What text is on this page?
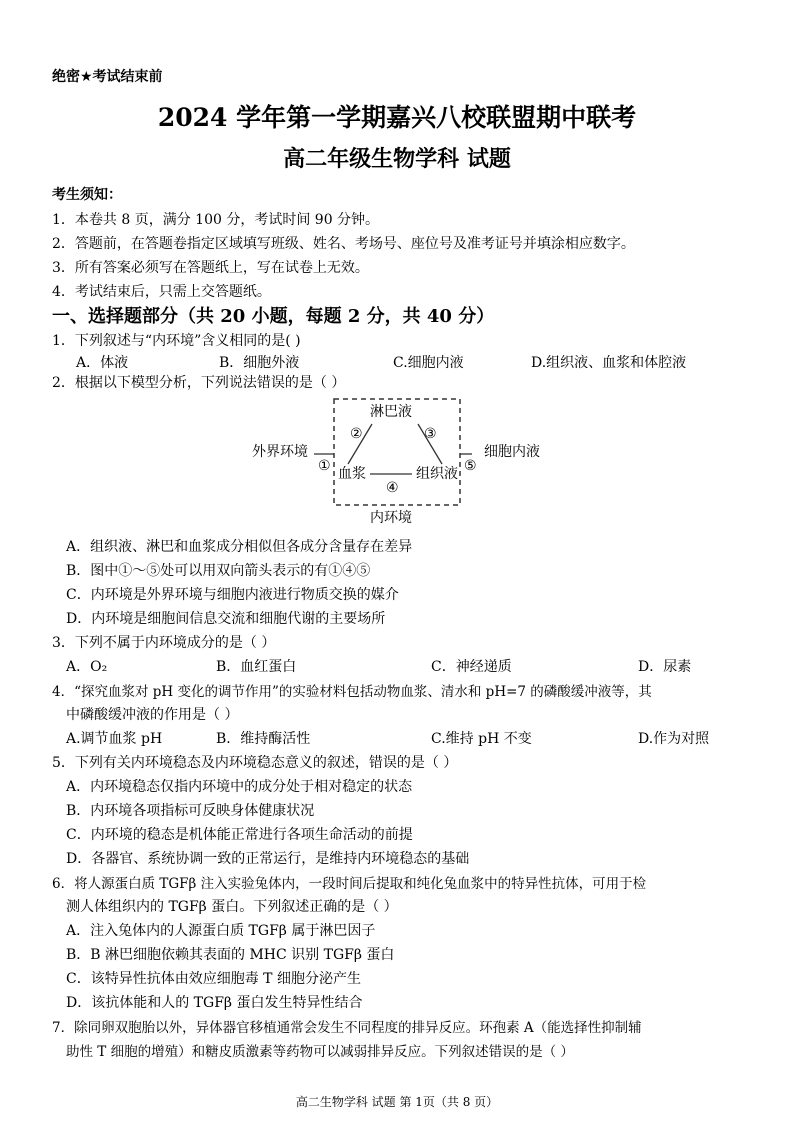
绝密★考试结束前
2024 学年第一学期嘉兴八校联盟期中联考
高二年级生物学科 试题
考生须知：
1．本卷共 8 页，满分 100 分，考试时间 90 分钟。
2．答题前，在答题卷指定区域填写班级、姓名、考场号、座位号及准考证号并填涂相应数字。
3．所有答案必须写在答题纸上，写在试卷上无效。
4．考试结束后，只需上交答题纸。
一、选择题部分（共 20 小题，每题 2 分，共 40 分）
1．下列叙述与“内环境”含义相同的是( )
A．体液	B．细胞外液	C.细胞内液	D.组织液、血浆和体腔液
2．根据以下模型分析，下列说法错误的是（ ）
淋巴液
外界环境
血浆	组织液
细胞内液
内环境
①
②	③
④
⑤
A．组织液、淋巴和血浆成分相似但各成分含量存在差异
B．图中①～⑤处可以用双向箭头表示的有①④⑤
C．内环境是外界环境与细胞内液进行物质交换的媒介
D．内环境是细胞间信息交流和细胞代谢的主要场所
3．下列不属于内环境成分的是（ ）
A．O₂	B．血红蛋白	C．神经递质	D．尿素
4．“探究血浆对 pH 变化的调节作用”的实验材料包括动物血浆、清水和 pH=7 的磷酸缓冲液等，其
中磷酸缓冲液的作用是（ ）
A.调节血浆 pH	B．维持酶活性	C.维持 pH 不变	D.作为对照
5．下列有关内环境稳态及内环境稳态意义的叙述，错误的是（ ）
A．内环境稳态仅指内环境中的成分处于相对稳定的状态
B．内环境各项指标可反映身体健康状况
C．内环境的稳态是机体能正常进行各项生命活动的前提
D．各器官、系统协调一致的正常运行，是维持内环境稳态的基础
6．将人源蛋白质 TGFβ 注入实验兔体内，一段时间后提取和纯化兔血浆中的特异性抗体，可用于检
测人体组织内的 TGFβ 蛋白。下列叙述正确的是（ ）
A．注入兔体内的人源蛋白质 TGFβ 属于淋巴因子
B．B 淋巴细胞依赖其表面的 MHC 识别 TGFβ 蛋白
C．该特异性抗体由效应细胞毒 T 细胞分泌产生
D．该抗体能和人的 TGFβ 蛋白发生特异性结合
7．除同卵双胞胎以外，异体器官移植通常会发生不同程度的排异反应。环孢素 A（能选择性抑制辅
助性 T 细胞的增殖）和糖皮质激素等药物可以减弱排异反应。下列叙述错误的是（ ）
高二生物学科 试题 第 1页（共 8 页）
